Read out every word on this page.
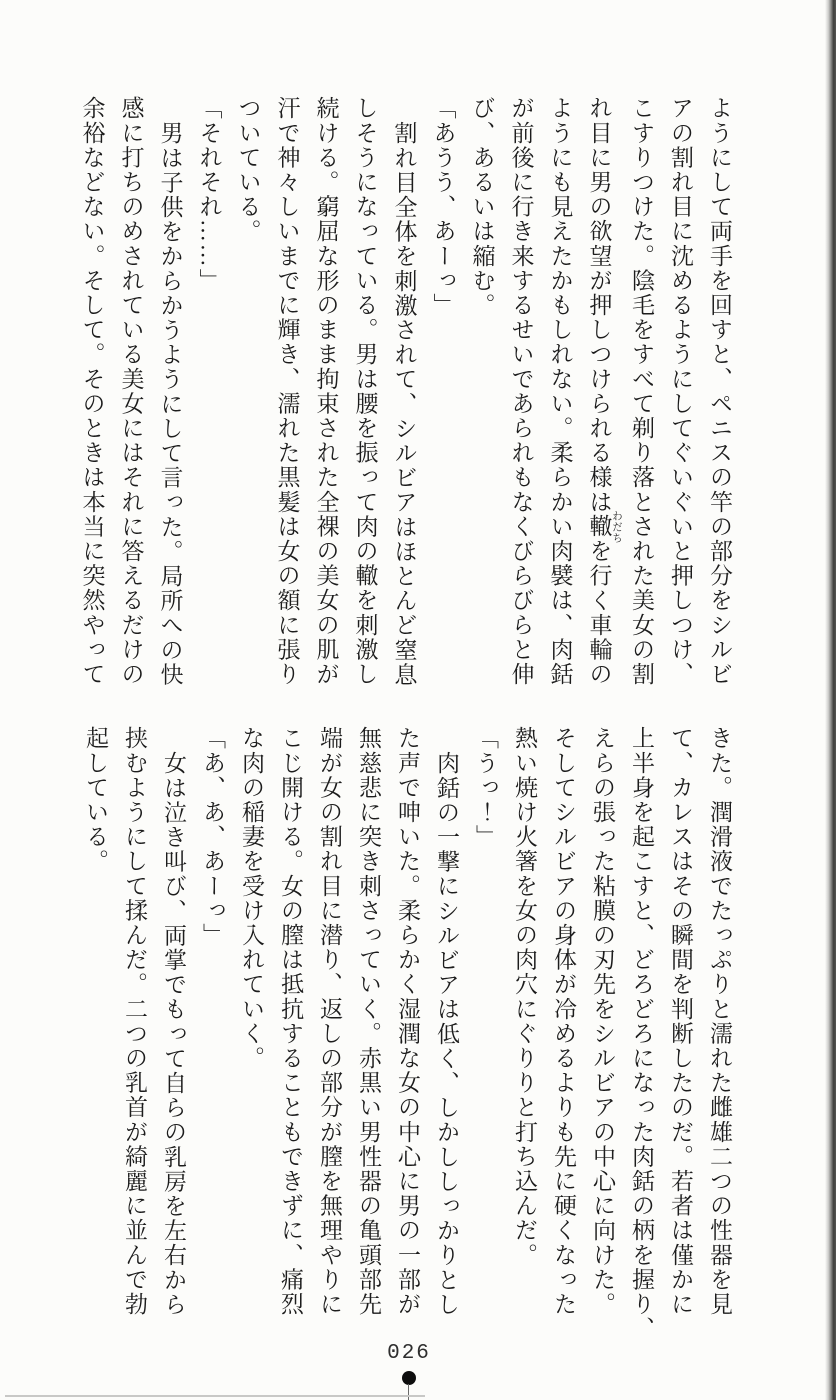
ようにして両手を回すと、ペニスの竿の部分をシルビ
アの割れ目に沈めるようにしてぐいぐいと押しつけ、
こすりつけた。陰毛をすべて剃り落とされた美女の割
れ目に男の欲望が押しつけられる様は轍 わだちを行く車輪の
ようにも見えたかもしれない。柔らかい肉襞は、肉銛
が前後に行き来するせいであられもなくびらびらと伸
び、あるいは縮む。
「あうう、あーっ」
割れ目全体を刺激されて、シルビアはほとんど窒息
しそうになっている。男は腰を振って肉の轍を刺激し
続ける。窮屈な形のまま拘束された全裸の美女の肌が
汗で神々しいまでに輝き、濡れた黒髪は女の額に張り
ついている。
「それそれ……」
男は子供をからかうようにして言った。局所への快
感に打ちのめされている美女にはそれに答えるだけの
余裕などない。そして。そのときは本当に突然やって
きた。潤滑液でたっぷりと濡れた雌雄二つの性器を見
て、カレスはその瞬間を判断したのだ。若者は僅かに
上半身を起こすと、どろどろになった肉銛の柄を握り、
えらの張った粘膜の刃先をシルビアの中心に向けた。
そしてシルビアの身体が冷めるよりも先に硬くなった
熱い焼け火箸を女の肉穴にぐりりと打ち込んだ。
「うっ！」
肉銛の一撃にシルビアは低く、しかししっかりとし
た声で呻いた。柔らかく湿潤な女の中心に男の一部が
無慈悲に突き刺さっていく。赤黒い男性器の亀頭部先
端が女の割れ目に潜り、返しの部分が膣を無理やりに
こじ開ける。女の膣は抵抗することもできずに、痛烈
な肉の稲妻を受け入れていく。
「あ、あ、あーっ」
女は泣き叫び、両掌でもって自らの乳房を左右から
挟むようにして揉んだ。二つの乳首が綺麗に並んで勃
起している。
026
